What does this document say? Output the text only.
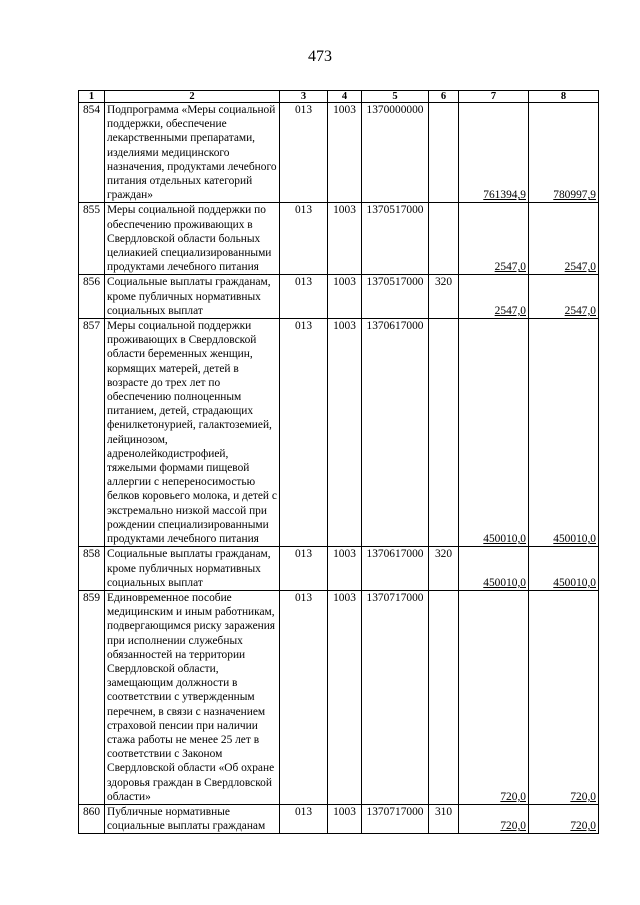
473
1	2	3	4	5	6	7	8
854	Подпрограмма «Меры социальной поддержки, обеспечение лекарственными препаратами, изделиями медицинского назначения, продуктами лечебного питания отдельных категорий граждан»	013	1003	1370000000		761394,9	780997,9
855	Меры социальной поддержки по обеспечению проживающих в Свердловской области больных целиакией специализированными продуктами лечебного питания	013	1003	1370517000		2547,0	2547,0
856	Социальные выплаты гражданам, кроме публичных нормативных социальных выплат	013	1003	1370517000	320	2547,0	2547,0
857	Меры социальной поддержки проживающих в Свердловской области беременных женщин, кормящих матерей, детей в возрасте до трех лет по обеспечению полноценным питанием, детей, страдающих фенилкетонурией, галактоземией, лейцинозом, адренолейкодистрофией, тяжелыми формами пищевой аллергии с непереносимостью белков коровьего молока, и детей с экстремально низкой массой при рождении специализированными продуктами лечебного питания	013	1003	1370617000		450010,0	450010,0
858	Социальные выплаты гражданам, кроме публичных нормативных социальных выплат	013	1003	1370617000	320	450010,0	450010,0
859	Единовременное пособие медицинским и иным работникам, подвергающимся риску заражения при исполнении служебных обязанностей на территории Свердловской области, замещающим должности в соответствии с утвержденным перечнем, в связи с назначением страховой пенсии при наличии стажа работы не менее 25 лет в соответствии с Законом Свердловской области «Об охране здоровья граждан в Свердловской области»	013	1003	1370717000		720,0	720,0
860	Публичные нормативные социальные выплаты гражданам	013	1003	1370717000	310	720,0	720,0
